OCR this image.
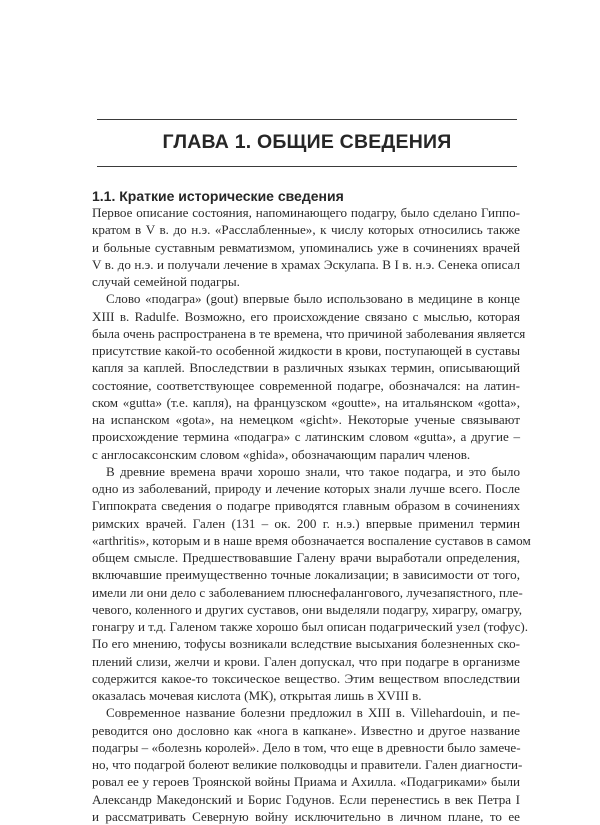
ГЛАВА 1. ОБЩИЕ СВЕДЕНИЯ
1.1. Краткие исторические сведения
Первое описание состояния, напоминающего подагру, было сделано Гиппо-
кратом в V в. до н.э. «Расслабленные», к числу которых относились также
и больные суставным ревматизмом, упоминались уже в сочинениях врачей
V в. до н.э. и получали лечение в храмах Эскулапа. В I в. н.э. Сенека описал
случай семейной подагры.
Слово «подагра» (gout) впервые было использовано в медицине в конце
XIII в. Radulfe. Возможно, его происхождение связано с мыслью, которая
была очень распространена в те времена, что причиной заболевания является
присутствие какой-то особенной жидкости в крови, поступающей в суставы
капля за каплей. Впоследствии в различных языках термин, описывающий
состояние, соответствующее современной подагре, обозначался: на латин-
ском «gutta» (т.е. капля), на французском «goutte», на итальянском «gotta»,
на испанском «gota», на немецком «gicht». Некоторые ученые связывают
происхождение термина «подагра» с латинским словом «gutta», а другие –
с англосаксонским словом «ghida», обозначающим паралич членов.
В древние времена врачи хорошо знали, что такое подагра, и это было
одно из заболеваний, природу и лечение которых знали лучше всего. После
Гиппократа сведения о подагре приводятся главным образом в сочинениях
римских врачей. Гален (131 – ок. 200 г. н.э.) впервые применил термин
«arthritis», которым и в наше время обозначается воспаление суставов в самом
общем смысле. Предшествовавшие Галену врачи выработали определения,
включавшие преимущественно точные локализации; в зависимости от того,
имели ли они дело с заболеванием плюснефалангового, лучезапястного, пле-
чевого, коленного и других суставов, они выделяли подагру, хирагру, омагру,
гонагру и т.д. Галеном также хорошо был описан подагрический узел (тофус).
По его мнению, тофусы возникали вследствие высыхания болезненных ско-
плений слизи, желчи и крови. Гален допускал, что при подагре в организме
содержится какое-то токсическое вещество. Этим веществом впоследствии
оказалась мочевая кислота (МК), открытая лишь в XVIII в.
Современное название болезни предложил в XIII в. Villehardouin, и пе-
реводится оно дословно как «нога в капкане». Известно и другое название
подагры – «болезнь королей». Дело в том, что еще в древности было замече-
но, что подагрой болеют великие полководцы и правители. Гален диагности-
ровал ее у героев Троянской войны Приама и Ахилла. «Подагриками» были
Александр Македонский и Борис Годунов. Если перенестись в век Петра I
и рассматривать Северную войну исключительно в личном плане, то ее
